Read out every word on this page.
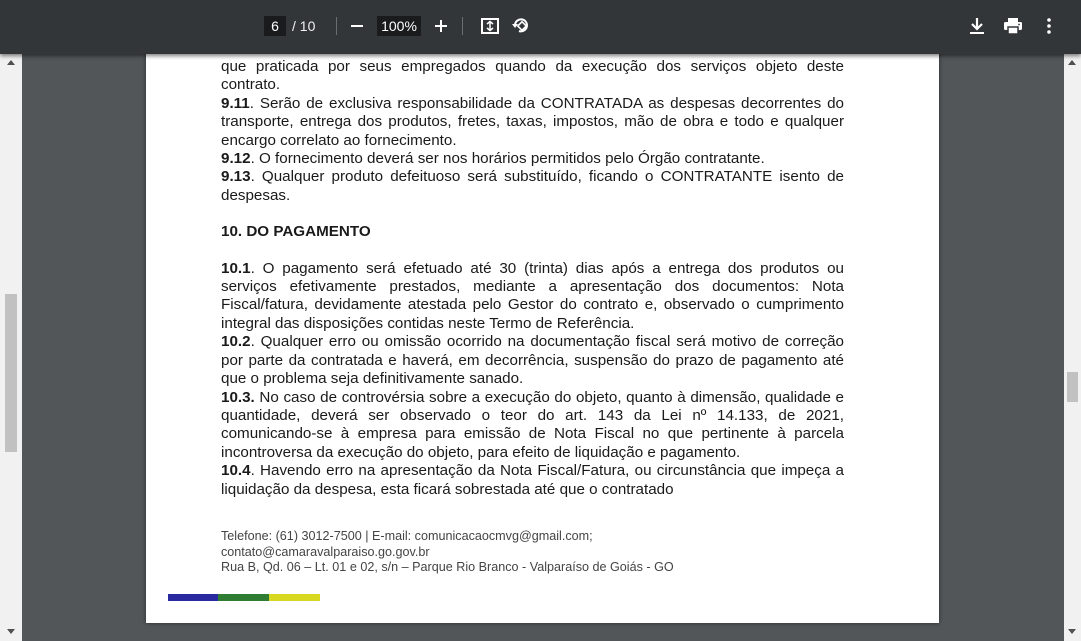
que praticada por seus empregados quando da execução dos serviços objeto deste contrato.

9.11. Serão de exclusiva responsabilidade da CONTRATADA as despesas decorrentes do transporte, entrega dos produtos, fretes, taxas, impostos, mão de obra e todo e qualquer encargo correlato ao fornecimento.

9.12. O fornecimento deverá ser nos horários permitidos pelo Órgão contratante.

9.13. Qualquer produto defeituoso será substituído, ficando o CONTRATANTE isento de despesas.

10. DO PAGAMENTO

10.1. O pagamento será efetuado até 30 (trinta) dias após a entrega dos produtos ou serviços efetivamente prestados, mediante a apresentação dos documentos: Nota Fiscal/fatura, devidamente atestada pelo Gestor do contrato e, observado o cumprimento integral das disposições contidas neste Termo de Referência.

10.2. Qualquer erro ou omissão ocorrido na documentação fiscal será motivo de correção por parte da contratada e haverá, em decorrência, suspensão do prazo de pagamento até que o problema seja definitivamente sanado.

10.3. No caso de controvérsia sobre a execução do objeto, quanto à dimensão, qualidade e quantidade, deverá ser observado o teor do art. 143 da Lei nº 14.133, de 2021, comunicando-se à empresa para emissão de Nota Fiscal no que pertinente à parcela incontroversa da execução do objeto, para efeito de liquidação e pagamento.

10.4. Havendo erro na apresentação da Nota Fiscal/Fatura, ou circunstância que impeça a liquidação da despesa, esta ficará sobrestada até que o contratado

Telefone: (61) 3012-7500 | E-mail: comunicacaocmvg@gmail.com;
contato@camaravalparaiso.go.gov.br
Rua B, Qd. 06 – Lt. 01 e 02, s/n – Parque Rio Branco - Valparaíso de Goiás - GO
6 / 10	100%
